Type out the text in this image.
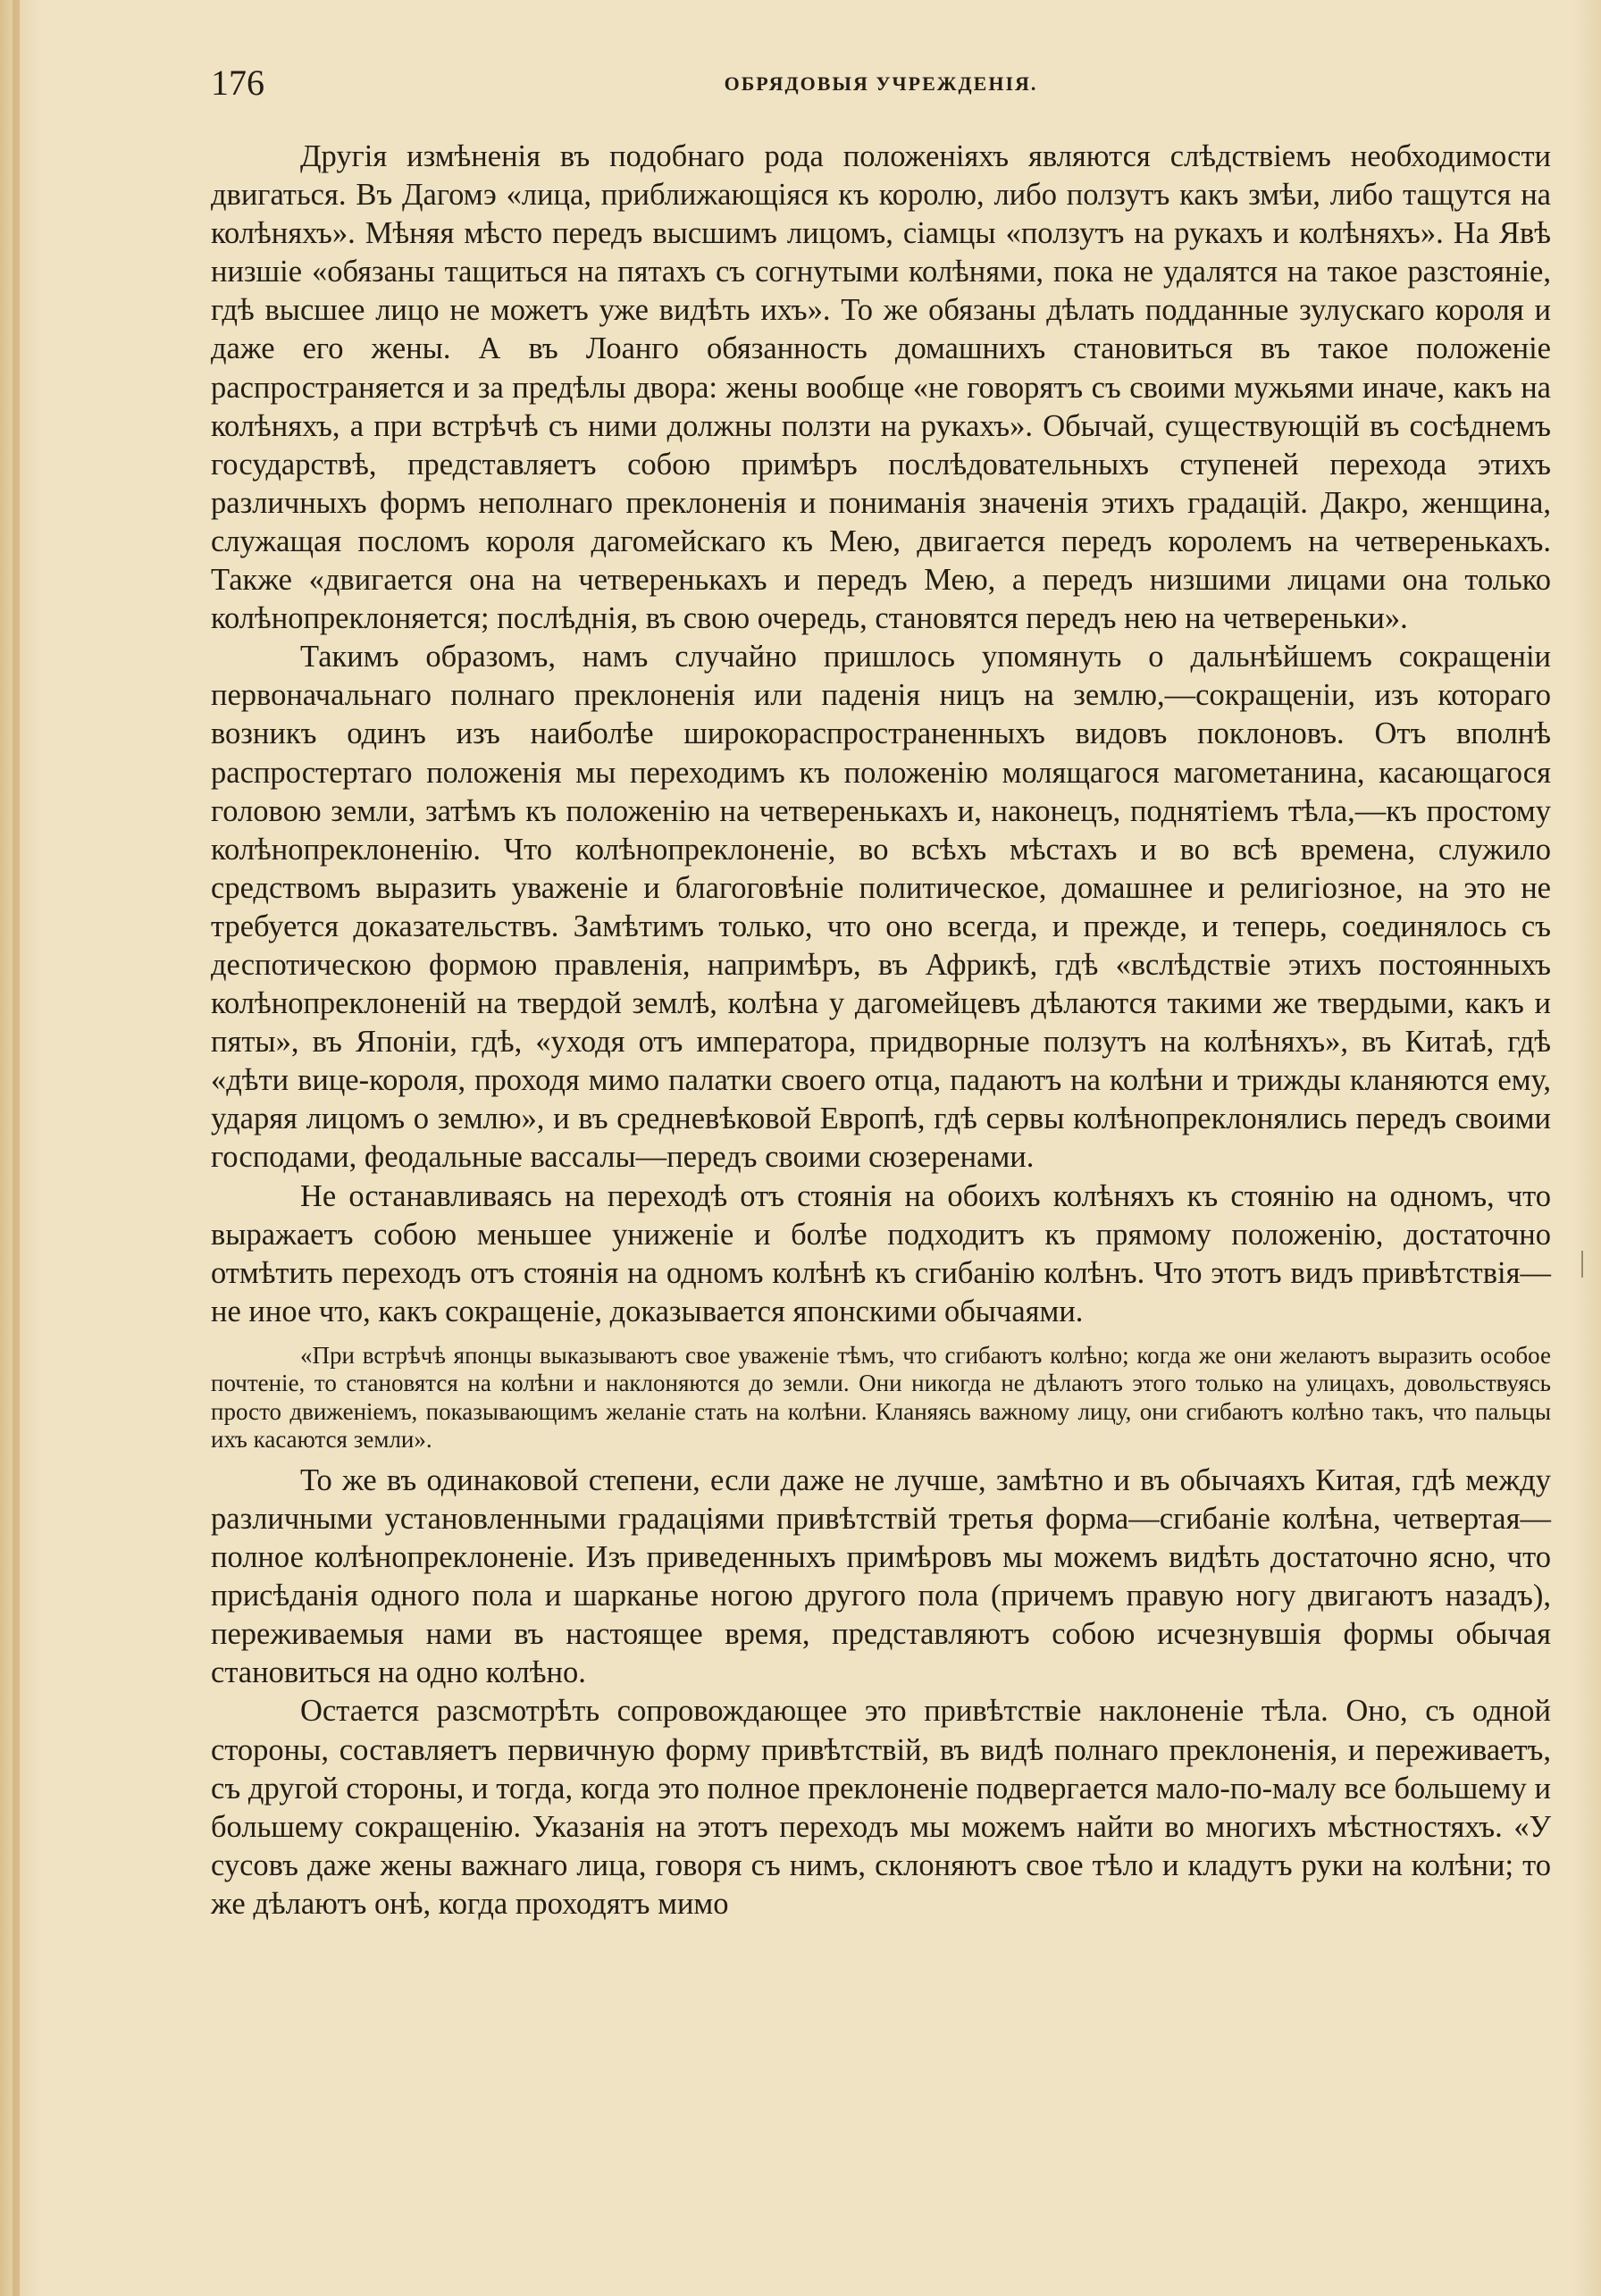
176	ОБРЯДОВЫЯ УЧРЕЖДЕНІЯ.

Другія измѣненія въ подобнаго рода положеніяхъ являются слѣдствіемъ необходимости двигаться. Въ Дагомэ «лица, приближающіяся къ королю, либо ползутъ какъ змѣи, либо тащутся на колѣняхъ». Мѣняя мѣсто передъ высшимъ лицомъ, сіамцы «ползутъ на рукахъ и колѣняхъ». На Явѣ низшіе «обязаны тащиться на пятахъ съ согнутыми колѣнями, пока не удалятся на такое разстояніе, гдѣ высшее лицо не можетъ уже видѣть ихъ». То же обязаны дѣлать подданные зулускаго короля и даже его жены. А въ Лоанго обязанность домашнихъ становиться въ такое положеніе распространяется и за предѣлы двора: жены вообще «не говорятъ съ своими мужьями иначе, какъ на колѣняхъ, а при встрѣчѣ съ ними должны ползти на рукахъ». Обычай, существующій въ сосѣднемъ государствѣ, представляетъ собою примѣръ послѣдовательныхъ ступеней перехода этихъ различныхъ формъ неполнаго преклоненія и пониманія значенія этихъ градацій. Дакро, женщина, служащая посломъ короля дагомейскаго къ Мею, двигается передъ королемъ на четверенькахъ. Также «двигается она на четверенькахъ и передъ Мею, а передъ низшими лицами она только колѣнопреклоняется; послѣднія, въ свою очередь, становятся передъ нею на четвереньки».

Такимъ образомъ, намъ случайно пришлось упомянуть о дальнѣйшемъ сокращеніи первоначальнаго полнаго преклоненія или паденія ницъ на землю,—сокращеніи, изъ котораго возникъ одинъ изъ наиболѣе широкораспространенныхъ видовъ поклоновъ. Отъ вполнѣ распростертаго положенія мы переходимъ къ положенію молящагося магометанина, касающагося головою земли, затѣмъ къ положенію на четверенькахъ и, наконецъ, поднятіемъ тѣла,—къ простому колѣнопреклоненію. Что колѣнопреклоненіе, во всѣхъ мѣстахъ и во всѣ времена, служило средствомъ выразить уваженіе и благоговѣніе политическое, домашнее и религіозное, на это не требуется доказательствъ. Замѣтимъ только, что оно всегда, и прежде, и теперь, соединялось съ деспотическою формою правленія, напримѣръ, въ Африкѣ, гдѣ «вслѣдствіе этихъ постоянныхъ колѣнопреклоненій на твердой землѣ, колѣна у дагомейцевъ дѣлаются такими же твердыми, какъ и пяты», въ Японіи, гдѣ, «уходя отъ императора, придворные ползутъ на колѣняхъ», въ Китаѣ, гдѣ «дѣти вице-короля, проходя мимо палатки своего отца, падаютъ на колѣни и трижды кланяются ему, ударяя лицомъ о землю», и въ средневѣковой Европѣ, гдѣ сервы колѣнопреклонялись передъ своими господами, феодальные вассалы—передъ своими сюзеренами.

Не останавливаясь на переходѣ отъ стоянія на обоихъ колѣняхъ къ стоянію на одномъ, что выражаетъ собою меньшее униженіе и болѣе подходитъ къ прямому положенію, достаточно отмѣтить переходъ отъ стоянія на одномъ колѣнѣ къ сгибанію колѣнъ. Что этотъ видъ привѣтствія—не иное что, какъ сокращеніе, доказывается японскими обычаями.

«При встрѣчѣ японцы выказываютъ свое уваженіе тѣмъ, что сгибаютъ колѣно; когда же они желаютъ выразить особое почтеніе, то становятся на колѣни и наклоняются до земли. Они никогда не дѣлаютъ этого только на улицахъ, довольствуясь просто движеніемъ, показывающимъ желаніе стать на колѣни. Кланяясь важному лицу, они сгибаютъ колѣно такъ, что пальцы ихъ касаются земли».

То же въ одинаковой степени, если даже не лучше, замѣтно и въ обычаяхъ Китая, гдѣ между различными установленными градаціями привѣтствій третья форма—сгибаніе колѣна, четвертая—полное колѣнопреклоненіе. Изъ приведенныхъ примѣровъ мы можемъ видѣть достаточно ясно, что присѣданія одного пола и шарканье ногою другого пола (причемъ правую ногу двигаютъ назадъ), переживаемыя нами въ настоящее время, представляютъ собою исчезнувшія формы обычая становиться на одно колѣно.

Остается разсмотрѣть сопровождающее это привѣтствіе наклоненіе тѣла. Оно, съ одной стороны, составляетъ первичную форму привѣтствій, въ видѣ полнаго преклоненія, и переживаетъ, съ другой стороны, и тогда, когда это полное преклоненіе подвергается мало-по-малу все большему и большему сокращенію. Указанія на этотъ переходъ мы можемъ найти во многихъ мѣстностяхъ. «У сусовъ даже жены важнаго лица, говоря съ нимъ, склоняютъ свое тѣло и кладутъ руки на колѣни; то же дѣлаютъ онѣ, когда проходятъ мимо
